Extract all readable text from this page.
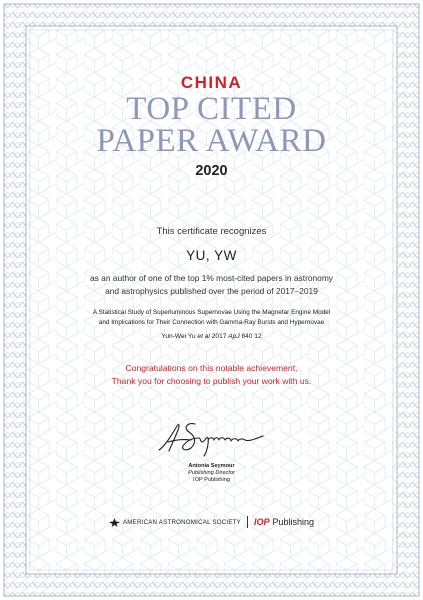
CHINA
TOP CITED
PAPER AWARD
2020
This certificate recognizes
YU, YW
as an author of one of the top 1% most-cited papers in astronomy
and astrophysics published over the period of 2017–2019
A Statistical Study of Superluminous Supernovae Using the Magnetar Engine Model
and Implications for Their Connection with Gamma-Ray Bursts and Hypernovae
Yun-Wei Yu et al 2017 ApJ 840 12
Congratulations on this notable achievement.
Thank you for choosing to publish your work with us.
Antonia Seymour
Publishing Director
IOP Publishing
AMERICAN ASTRONOMICAL SOCIETY IOP Publishing
